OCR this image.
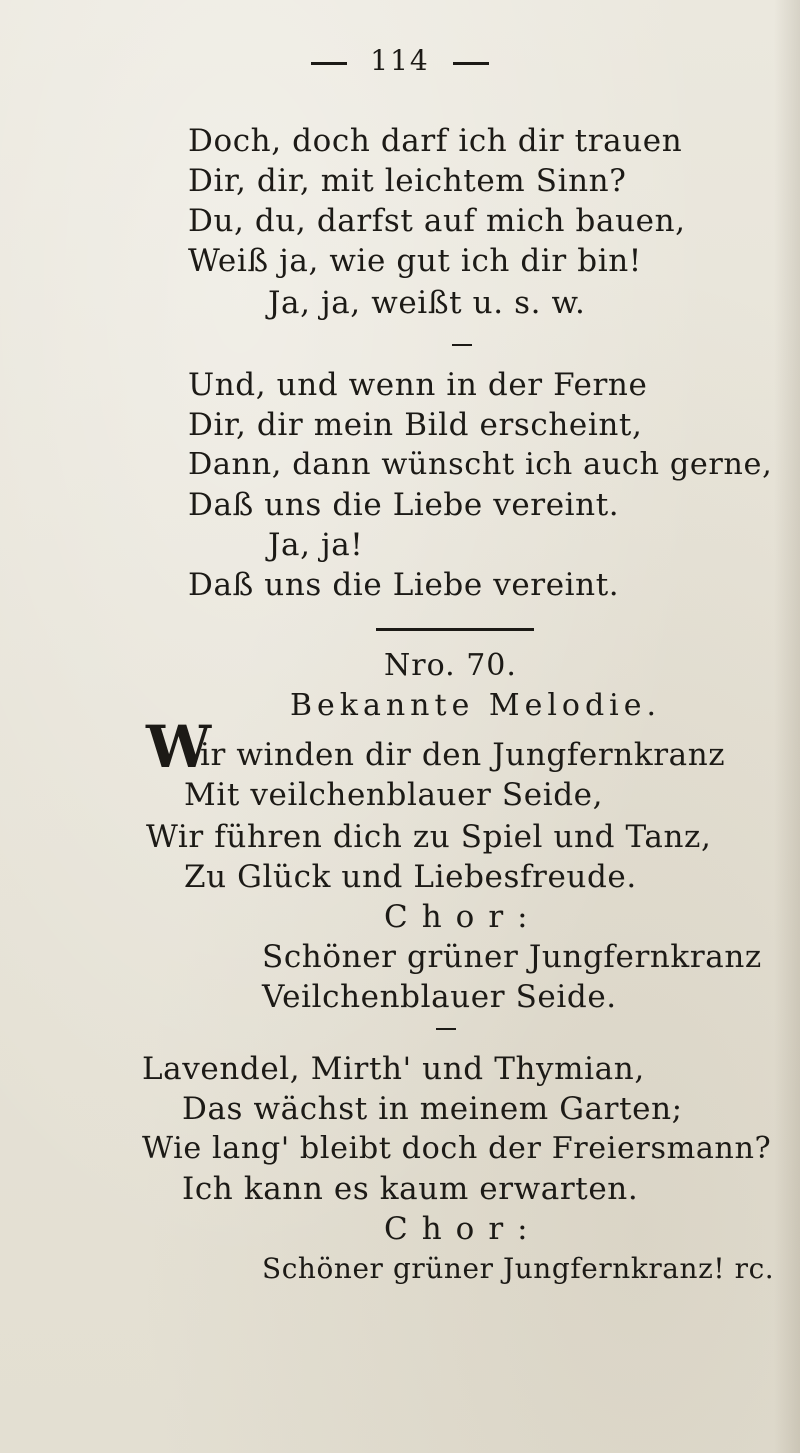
114
Doch, doch darf ich dir trauen
Dir, dir, mit leichtem Sinn?
Du, du, darfst auf mich bauen,
Weiß ja, wie gut ich dir bin!
Ja, ja, weißt u. s. w.
Und, und wenn in der Ferne
Dir, dir mein Bild erscheint,
Dann, dann wünscht ich auch gerne,
Daß uns die Liebe vereint.
Ja, ja!
Daß uns die Liebe vereint.
Nro. 70.
Bekannte Melodie.
W
ir winden dir den Jungfernkranz
Mit veilchenblauer Seide,
Wir führen dich zu Spiel und Tanz,
Zu Glück und Liebesfreude.
Chor:
Schöner grüner Jungfernkranz
Veilchenblauer Seide.
Lavendel, Mirth' und Thymian,
Das wächst in meinem Garten;
Wie lang' bleibt doch der Freiersmann?
Ich kann es kaum erwarten.
Chor:
Schöner grüner Jungfernkranz! rc.
